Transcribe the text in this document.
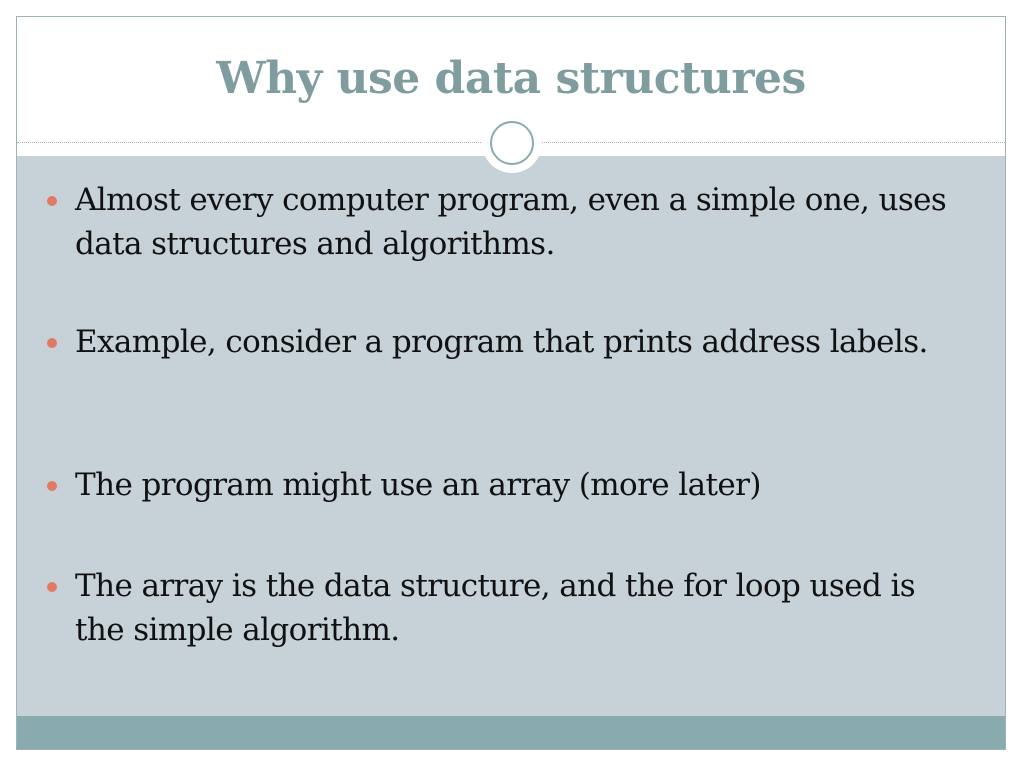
Why use data structures
Almost every computer program, even a simple one, uses data structures and algorithms.
Example, consider a program that prints address labels.
The program might use an array (more later)
The array is the data structure, and the for loop used is the simple algorithm.
